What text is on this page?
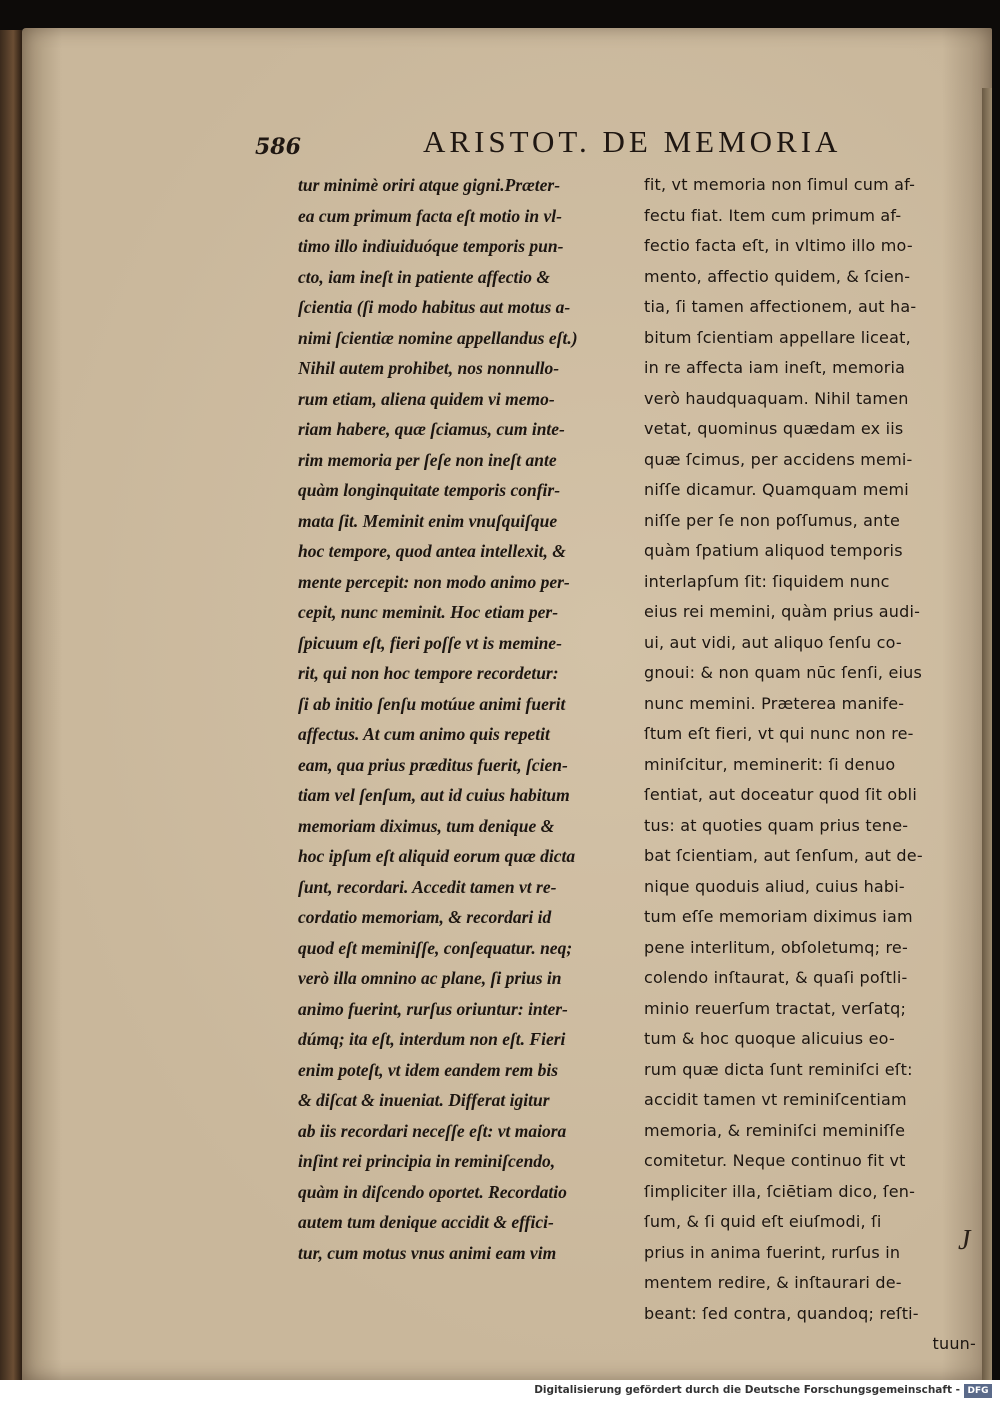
586	ARISTOT. DE MEMORIA
tur minimè oriri atque gigni.Præter-
ea cum primum facta eſt motio in vl-
timo illo indiuiduóque temporis pun-
cto, iam ineſt in patiente affectio &
ſcientia (ſi modo habitus aut motus a-
nimi ſcientiæ nomine appellandus eſt.)
Nihil autem prohibet, nos nonnullo-
rum etiam, aliena quidem vi memo-
riam habere, quæ ſciamus, cum inte-
rim memoria per ſeſe non ineſt ante
quàm longinquitate temporis confir-
mata ſit. Meminit enim vnuſquiſque
hoc tempore, quod antea intellexit, &
mente percepit: non modo animo per-
cepit, nunc meminit. Hoc etiam per-
ſpicuum eſt, fieri poſſe vt is meminе-
rit, qui non hoc tempore recordetur:
ſi ab initio ſenſu motúue animi fuerit
affectus. At cum animo quis repetit
eam, qua prius præditus fuerit, ſcien-
tiam vel ſenſum, aut id cuius habitum
memoriam diximus, tum denique &
hoc ipſum eſt aliquid eorum quæ dicta
ſunt, recordari. Accedit tamen vt re-
cordatio memoriam, & recordari id
quod eſt meminiſſe, conſequatur. neq;
verò illa omnino ac plane, ſi prius in
animo fuerint, rurſus oriuntur: inter-
dúmq; ita eſt, interdum non eſt. Fieri
enim poteſt, vt idem eandem rem bis
& diſcat & inueniat. Differat igitur
ab iis recordari neceſſe eſt: vt maiora
inſint rei principia in reminiſcendo,
quàm in diſcendo oportet. Recordatio
autem tum denique accidit & effici-
tur, cum motus vnus animi eam vim
fit, vt memoria non ſimul cum af-
fectu fiat. Item cum primum af-
fectio facta eſt, in vltimo illo mo-
mento, affectio quidem, & ſcien-
tia, ſi tamen affectionem, aut ha-
bitum ſcientiam appellare liceat,
in re affecta iam ineſt, memoria
verò haudquaquam. Nihil tamen
vetat, quominus quædam ex iis
quæ ſcimus, per accidens memi-
niſſe dicamur. Quamquam memi
niſſe per ſe non poſſumus, ante
quàm ſpatium aliquod temporis
interlapſum ſit: ſiquidem nunc
eius rei memini, quàm prius audi-
ui, aut vidi, aut aliquo ſenſu co-
gnoui: & non quam nūc ſenſi, eius
nunc memini. Præterea manife-
ſtum eſt fieri, vt qui nunc non re-
miniſcitur, meminerit: ſi denuo
ſentiat, aut doceatur quod ſit obli
tus: at quoties quam prius tene-
bat ſcientiam, aut ſenſum, aut de-
nique quoduis aliud, cuius habi-
tum eſſe memoriam diximus iam
pene interlitum, obſoletumq; re-
colendo inſtaurat, & quaſi poſtli-
minio reuerſum tractat, verſatq;
tum & hoc quoque alicuius eo-
rum quæ dicta ſunt reminiſci eſt:
accidit tamen vt reminiſcentiam
memoria, & reminiſci meminiſſe
comitetur. Neque continuo fit vt
ſimpliciter illa, ſciētiam dico, ſen-
ſum, & ſi quid eſt eiuſmodi, ſi
prius in anima fuerint, rurſus in
mentem redire, & inſtaurari de-
beant: ſed contra, quandoq; reſti-
tuun-
J
Digitalisierung gefördert durch die Deutsche Forschungsgemeinschaft - DFG
